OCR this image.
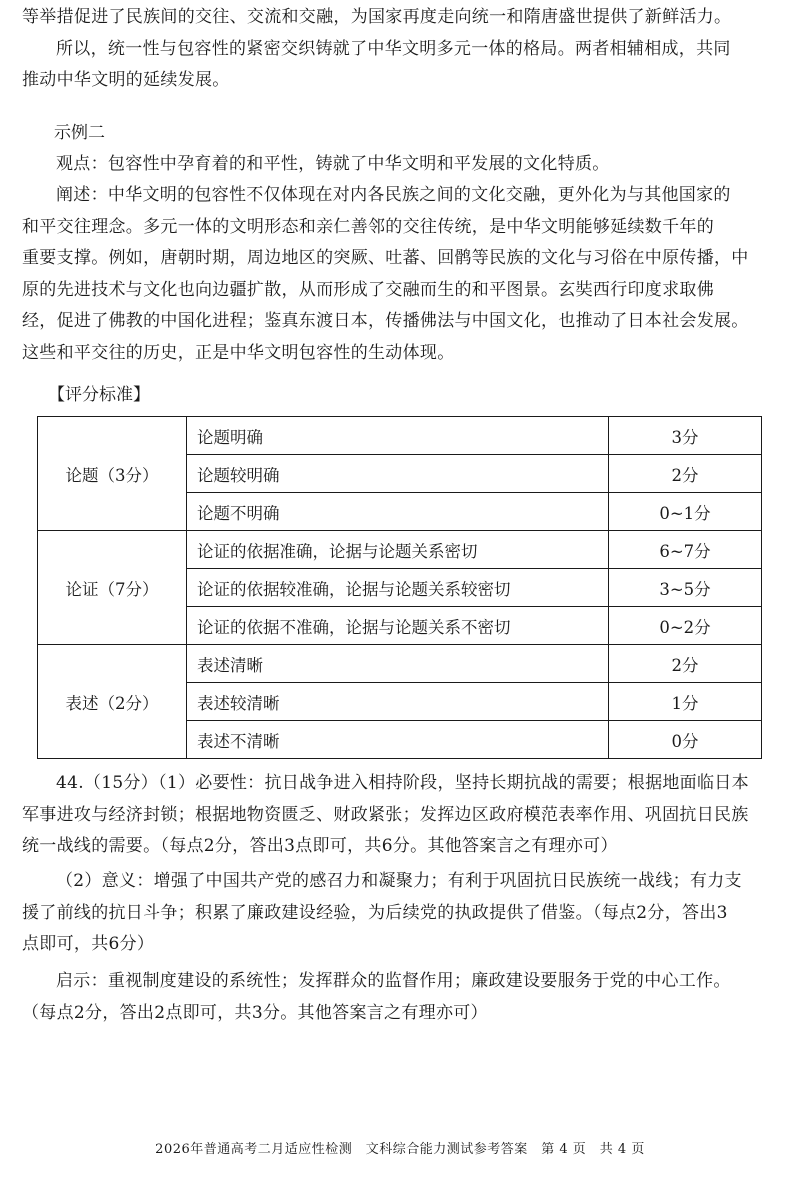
等举措促进了民族间的交往、交流和交融，为国家再度走向统一和隋唐盛世提供了新鲜活力。
所以，统一性与包容性的紧密交织铸就了中华文明多元一体的格局。两者相辅相成，共同
推动中华文明的延续发展。

示例二

观点：包容性中孕育着的和平性，铸就了中华文明和平发展的文化特质。

阐述：中华文明的包容性不仅体现在对内各民族之间的文化交融，更外化为与其他国家的
和平交往理念。多元一体的文明形态和亲仁善邻的交往传统，是中华文明能够延续数千年的
重要支撑。例如，唐朝时期，周边地区的突厥、吐蕃、回鹘等民族的文化与习俗在中原传播，中
原的先进技术与文化也向边疆扩散，从而形成了交融而生的和平图景。玄奘西行印度求取佛
经，促进了佛教的中国化进程；鉴真东渡日本，传播佛法与中国文化，也推动了日本社会发展。
这些和平交往的历史，正是中华文明包容性的生动体现。

【评分标准】
论题（3分）	论题明确	3分
	论题较明确	2分
	论题不明确	0~1分
论证（7分）	论证的依据准确，论据与论题关系密切	6~7分
	论证的依据较准确，论据与论题关系较密切	3~5分
	论证的依据不准确，论据与论题关系不密切	0~2分
表述（2分）	表述清晰	2分
	表述较清晰	1分
	表述不清晰	0分

44.（15分）（1）必要性：抗日战争进入相持阶段，坚持长期抗战的需要；根据地面临日本
军事进攻与经济封锁；根据地物资匮乏、财政紧张；发挥边区政府模范表率作用、巩固抗日民族
统一战线的需要。（每点2分，答出3点即可，共6分。其他答案言之有理亦可）

（2）意义：增强了中国共产党的感召力和凝聚力；有利于巩固抗日民族统一战线；有力支
援了前线的抗日斗争；积累了廉政建设经验，为后续党的执政提供了借鉴。（每点2分，答出3
点即可，共6分）

启示：重视制度建设的系统性；发挥群众的监督作用；廉政建设要服务于党的中心工作。
（每点2分，答出2点即可，共3分。其他答案言之有理亦可）

2026年普通高考二月适应性检测　文科综合能力测试参考答案　第 4 页　共 4 页
